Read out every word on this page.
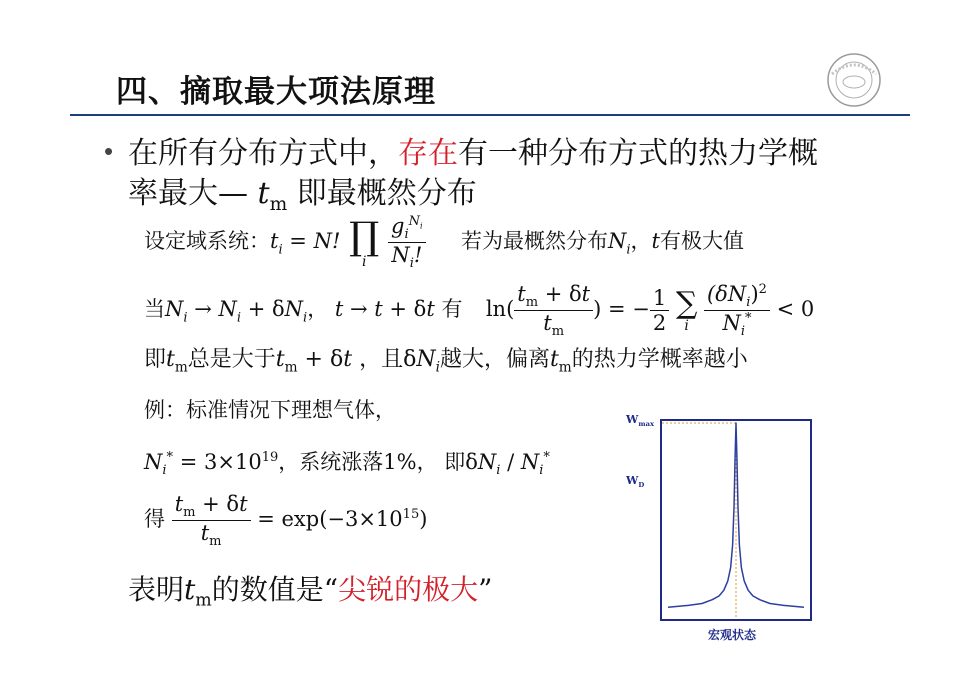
四、摘取最大项法原理
• 在所有分布方式中，存在有一种分布方式的热力学概
率最大— $t_m$ 即最概然分布
设定域系统：$t_i = N$! ∏
i
	$\frac{g_i^{N_i}}{N_i!}$ 若为最概然分布$N_i$，t有极大值
当$N_i \to N_i + \delta N_i$， t → t + δt 有 $\ln( \frac{t_m + \delta t}{t_m}$ ) = − $\frac{1}{2}$
∑
i
$\frac{(\delta N_i)^2}{N_i^*} < 0$
即$t_m$总是大于$t_m + \delta t$ ，且$\delta N_i$越大，偏离$t_m$的热力学概率越小
例：标准情况下理想气体，
$N_i^* = 3\times 10^{19}$，系统涨落1%， 即$\delta N_i / N_i^*$
得 $\frac{t_m + \delta t}{t_m} = \exp(-3\times 10^{15})$
表明$t_m$的数值是“尖锐的极大”
$W_{max}$
$W_D$
宏观状态
